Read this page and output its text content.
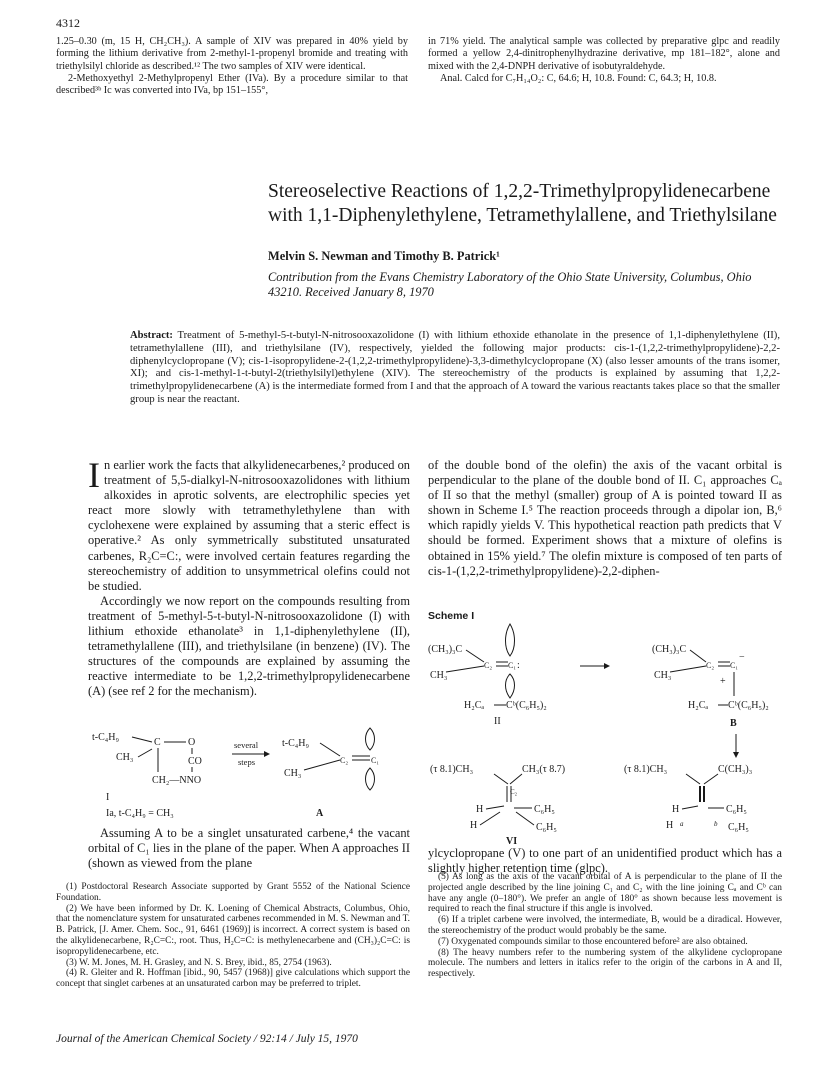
4312

1.25–0.30 (m, 15 H, CH₂CH₃). A sample of XIV was prepared in 40% yield by forming the lithium derivative from 2-methyl-1-propenyl bromide and treating with triethylsilyl chloride as described.¹² The two samples of XIV were identical.

2-Methoxyethyl 2-Methylpropenyl Ether (IVa). By a procedure similar to that described³ᵇ Ic was converted into IVa, bp 151–155°,

in 71% yield. The analytical sample was collected by preparative glpc and readily formed a yellow 2,4-dinitrophenylhydrazine derivative, mp 181–182°, alone and mixed with the 2,4-DNPH derivative of isobutyraldehyde.

Anal. Calcd for C₇H₁₄O₂: C, 64.6; H, 10.8. Found: C, 64.3; H, 10.8.

Stereoselective Reactions of 1,2,2-Trimethylpropylidenecarbene with 1,1-Diphenylethylene, Tetramethylallene, and Triethylsilane
Melvin S. Newman and Timothy B. Patrick¹
Contribution from the Evans Chemistry Laboratory of the Ohio State University, Columbus, Ohio 43210. Received January 8, 1970
Abstract: Treatment of 5-methyl-5-t-butyl-N-nitrosooxazolidone (I) with lithium ethoxide ethanolate in the presence of 1,1-diphenylethylene (II), tetramethylallene (III), and triethylsilane (IV), respectively, yielded the following major products: cis-1-(1,2,2-trimethylpropylidene)-2,2-diphenylcyclopropane (V); cis-1-isopropylidene-2-(1,2,2-trimethylpropylidene)-3,3-dimethylcyclopropane (X) (also lesser amounts of the trans isomer, XI); and cis-1-methyl-1-t-butyl-2(triethylsilyl)ethylene (XIV). The stereochemistry of the products is explained by assuming that 1,2,2-trimethylpropylidenecarbene (A) is the intermediate formed from I and that the approach of A toward the various reactants takes place so that the smaller group is near the reactant.

In earlier work the facts that alkylidenecarbenes,² produced on treatment of 5,5-dialkyl-N-nitrosooxazolidones with lithium alkoxides in aprotic solvents, are electrophilic species yet react more slowly with tetramethylethylene than with cyclohexene were explained by assuming that a steric effect is operative.² As only symmetrically substituted unsaturated carbenes, R₂C=C:, were involved certain features regarding the stereochemistry of addition to unsymmetrical olefins could not be studied.

Accordingly we now report on the compounds resulting from treatment of 5-methyl-5-t-butyl-N-nitrosooxazolidone (I) with lithium ethoxide ethanolate³ in 1,1-diphenylethylene (II), tetramethylallene (III), and triethylsilane (in benzene) (IV). The structures of the compounds are explained by assuming the reactive intermediate to be 1,2,2-trimethylpropylidenecarbene (A) (see ref 2 for the mechanism).

t-C₄H₉	C	O
CH₃	CO
CH₂—NNO
I
Ia, t-C₄H₉ = CH₃
several
steps
t-C₄H₉
CH₃
C₂	C₁
A

Assuming A to be a singlet unsaturated carbene,⁴ the vacant orbital of C₁ lies in the plane of the paper. When A approaches II (shown as viewed from the plane

of the double bond of the olefin) the axis of the vacant orbital is perpendicular to the plane of the double bond of II. C₁ approaches Cₐ of II so that the methyl (smaller) group of A is pointed toward II as shown in Scheme I.⁵ The reaction proceeds through a dipolar ion, B,⁶ which rapidly yields V. This hypothetical reaction path predicts that V should be formed. Experiment shows that a mixture of olefins is obtained in 15% yield.⁷ The olefin mixture is composed of ten parts of cis-1-(1,2,2-trimethylpropylidene)-2,2-diphen-

Scheme I
(CH₃)₃C
CH₃
C₂ C₁ :
H₂Cₐ Cᵇ(C₆H₅)₂
II
(CH₃)₃C
CH₃
C₂ C₁
−
+
H₂Cₐ Cᵇ(C₆H₅)₂
B
(τ 8.1)CH₃	CH₃(τ 8.7)
C₂
H
H
C₆H₅
C₆H₅
VI
(τ 8.1)CH₃	C(CH₃)₃
H
H a	b
C₆H₅
C₆H₅

ylcyclopropane (V) to one part of an unidentified product which has a slightly higher retention time (glpc).

(1) Postdoctoral Research Associate supported by Grant 5552 of the National Science Foundation.

(2) We have been informed by Dr. K. Loening of Chemical Abstracts, Columbus, Ohio, that the nomenclature system for unsaturated carbenes recommended in M. S. Newman and T. B. Patrick, [J. Amer. Chem. Soc., 91, 6461 (1969)] is incorrect. A correct system is based on the alkylidenecarbene, R₂C=C:, root. Thus, H₂C=C: is methylenecarbene and (CH₃)₂C=C: is isopropylidenecarbene, etc.

(3) W. M. Jones, M. H. Grasley, and N. S. Brey, ibid., 85, 2754 (1963).

(4) R. Gleiter and R. Hoffman [ibid., 90, 5457 (1968)] give calculations which support the concept that singlet carbenes at an unsaturated carbon may be preferred to triplet.

(5) As long as the axis of the vacant orbital of A is perpendicular to the plane of II the projected angle described by the line joining C₁ and C₂ with the line joining Cₐ and Cᵇ can have any angle (0–180°). We prefer an angle of 180° as shown because less movement is required to reach the final structure if this angle is involved.

(6) If a triplet carbene were involved, the intermediate, B, would be a diradical. However, the stereochemistry of the product would probably be the same.

(7) Oxygenated compounds similar to those encountered before² are also obtained.

(8) The heavy numbers refer to the numbering system of the alkylidene cyclopropane molecule. The numbers and letters in italics refer to the origin of the carbons in A and II, respectively.

Journal of the American Chemical Society / 92:14 / July 15, 1970
